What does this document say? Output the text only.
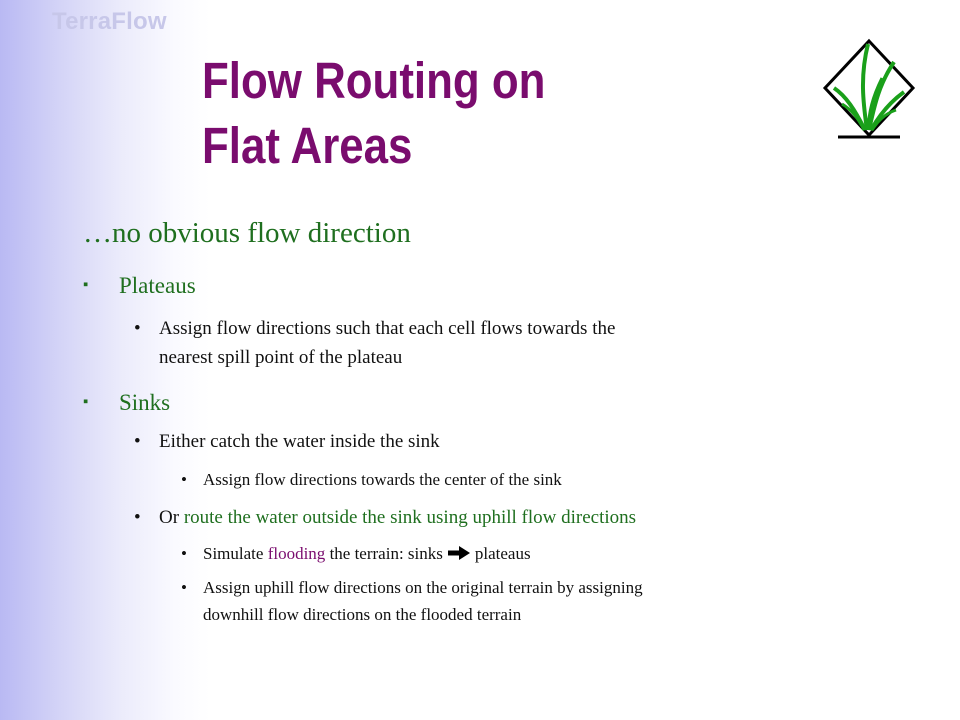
TerraFlow
Flow Routing on
Flat Areas
…no obvious flow direction
▪ Plateaus
• Assign flow directions such that each cell flows towards the
nearest spill point of the plateau
▪ Sinks
• Either catch the water inside the sink
• Assign flow directions towards the center of the sink
• Or route the water outside the sink using uphill flow directions
• Simulate flooding the terrain: sinks plateaus
• Assign uphill flow directions on the original terrain by assigning
downhill flow directions on the flooded terrain
